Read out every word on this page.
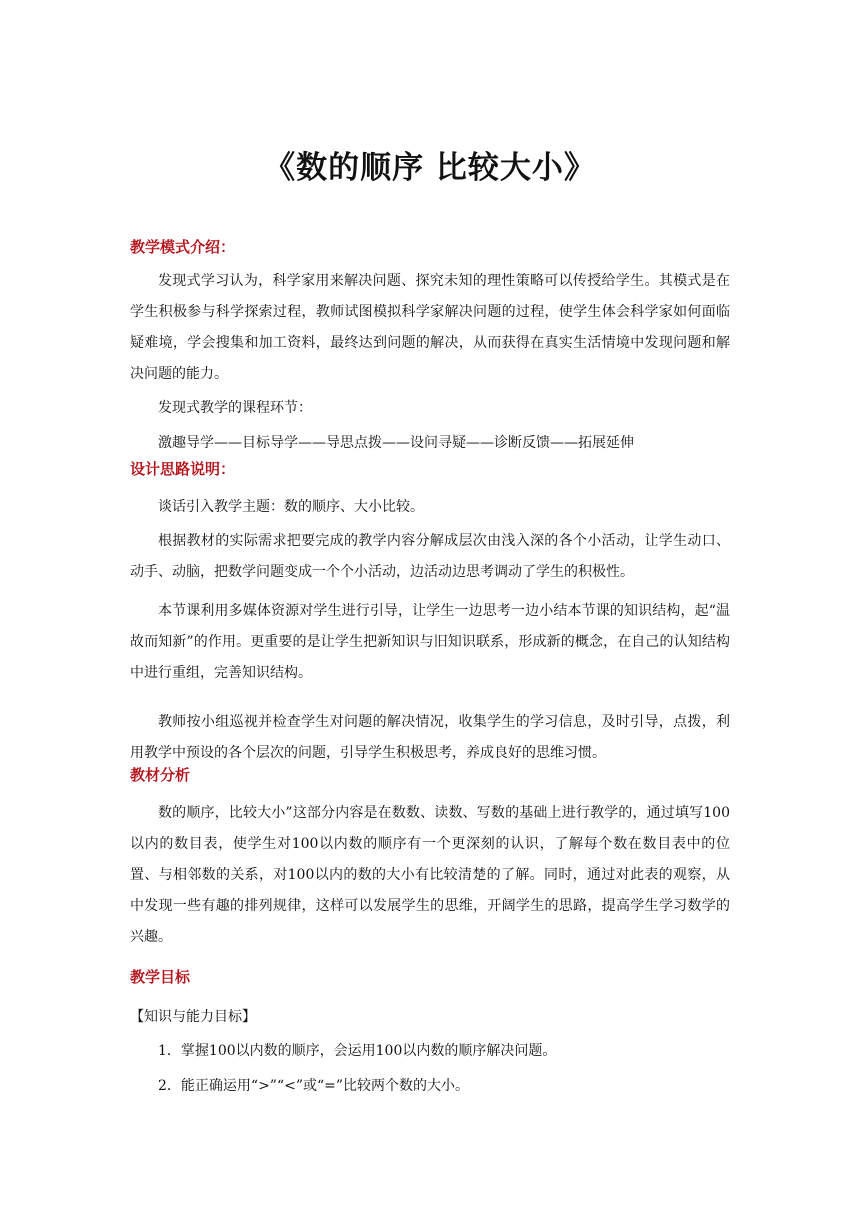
《数的顺序 比较大小》
教学模式介绍：
发现式学习认为，科学家用来解决问题、探究未知的理性策略可以传授给学生。其模式是在学生积极参与科学探索过程，教师试图模拟科学家解决问题的过程，使学生体会科学家如何面临疑难境，学会搜集和加工资料，最终达到问题的解决，从而获得在真实生活情境中发现问题和解决问题的能力。
发现式教学的课程环节：
激趣导学——目标导学——导思点拨——设问寻疑——诊断反馈——拓展延伸
设计思路说明：
谈话引入教学主题：数的顺序、大小比较。
根据教材的实际需求把要完成的教学内容分解成层次由浅入深的各个小活动，让学生动口、动手、动脑，把数学问题变成一个个小活动，边活动边思考调动了学生的积极性。
本节课利用多媒体资源对学生进行引导，让学生一边思考一边小结本节课的知识结构，起“温故而知新”的作用。更重要的是让学生把新知识与旧知识联系，形成新的概念，在自己的认知结构中进行重组，完善知识结构。
教师按小组巡视并检查学生对问题的解决情况，收集学生的学习信息，及时引导，点拨，利用教学中预设的各个层次的问题，引导学生积极思考，养成良好的思维习惯。
教材分析
数的顺序，比较大小”这部分内容是在数数、读数、写数的基础上进行教学的，通过填写100以内的数目表，使学生对100以内数的顺序有一个更深刻的认识，了解每个数在数目表中的位置、与相邻数的关系，对100以内的数的大小有比较清楚的了解。同时，通过对此表的观察，从中发现一些有趣的排列规律，这样可以发展学生的思维，开阔学生的思路，提高学生学习数学的兴趣。
教学目标
【知识与能力目标】
1．掌握100以内数的顺序，会运用100以内数的顺序解决问题。
2．能正确运用“>”“<”或“=”比较两个数的大小。
